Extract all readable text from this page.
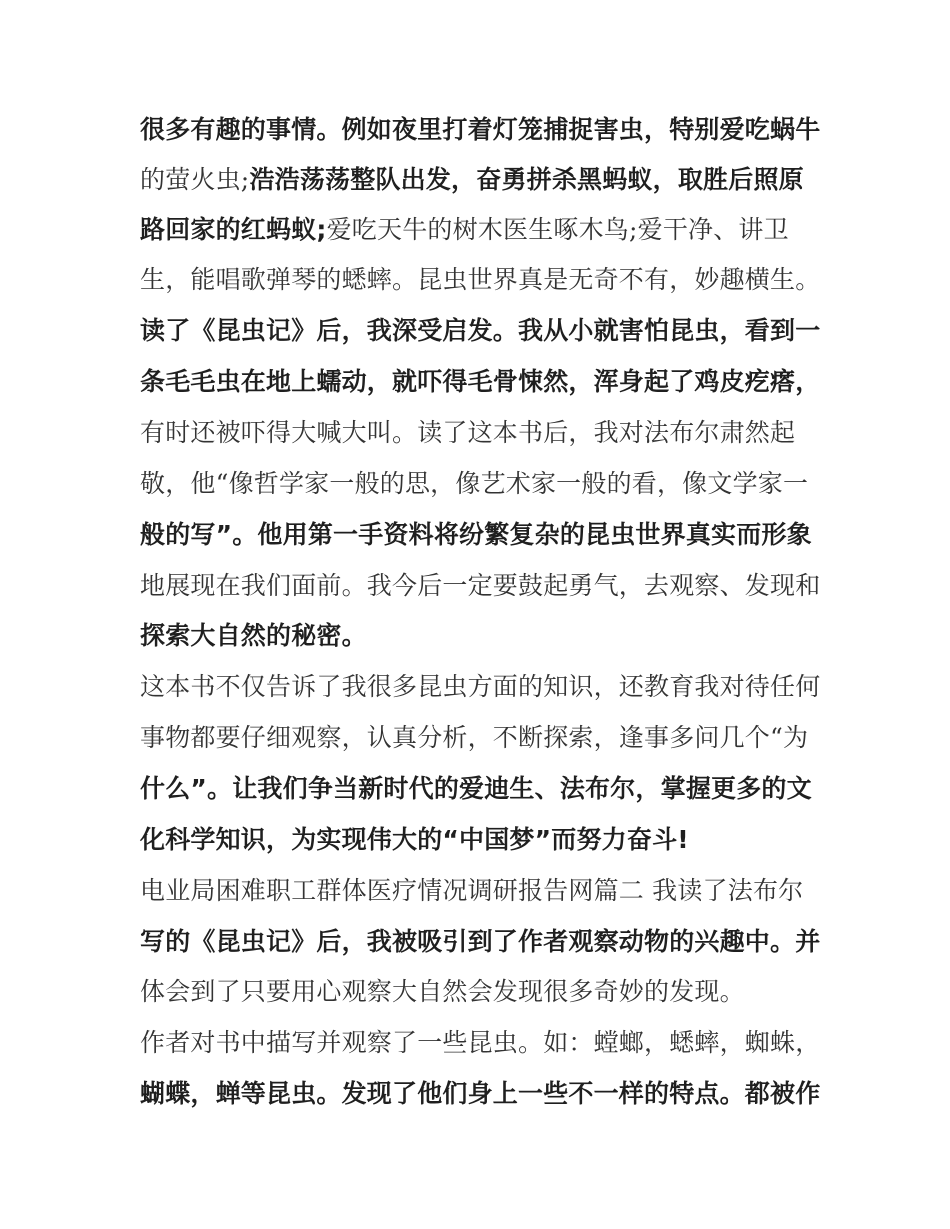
很多有趣的事情。例如夜里打着灯笼捕捉害虫，特别爱吃蜗牛
的萤火虫;浩浩荡荡整队出发，奋勇拼杀黑蚂蚁，取胜后照原
路回家的红蚂蚁;爱吃天牛的树木医生啄木鸟;爱干净、讲卫
生，能唱歌弹琴的蟋蟀。昆虫世界真是无奇不有，妙趣横生。
读了《昆虫记》后，我深受启发。我从小就害怕昆虫，看到一
条毛毛虫在地上蠕动，就吓得毛骨悚然，浑身起了鸡皮疙瘩，
有时还被吓得大喊大叫。读了这本书后，我对法布尔肃然起
敬，他“像哲学家一般的思，像艺术家一般的看，像文学家一
般的写”。他用第一手资料将纷繁复杂的昆虫世界真实而形象
地展现在我们面前。我今后一定要鼓起勇气，去观察、发现和
探索大自然的秘密。
这本书不仅告诉了我很多昆虫方面的知识，还教育我对待任何
事物都要仔细观察，认真分析，不断探索，逢事多问几个“为
什么”。让我们争当新时代的爱迪生、法布尔，掌握更多的文
化科学知识，为实现伟大的“中国梦”而努力奋斗!
电业局困难职工群体医疗情况调研报告网篇二 我读了法布尔
写的《昆虫记》后，我被吸引到了作者观察动物的兴趣中。并
体会到了只要用心观察大自然会发现很多奇妙的发现。
作者对书中描写并观察了一些昆虫。如：螳螂，蟋蟀，蜘蛛，
蝴蝶，蝉等昆虫。发现了他们身上一些不一样的特点。都被作
